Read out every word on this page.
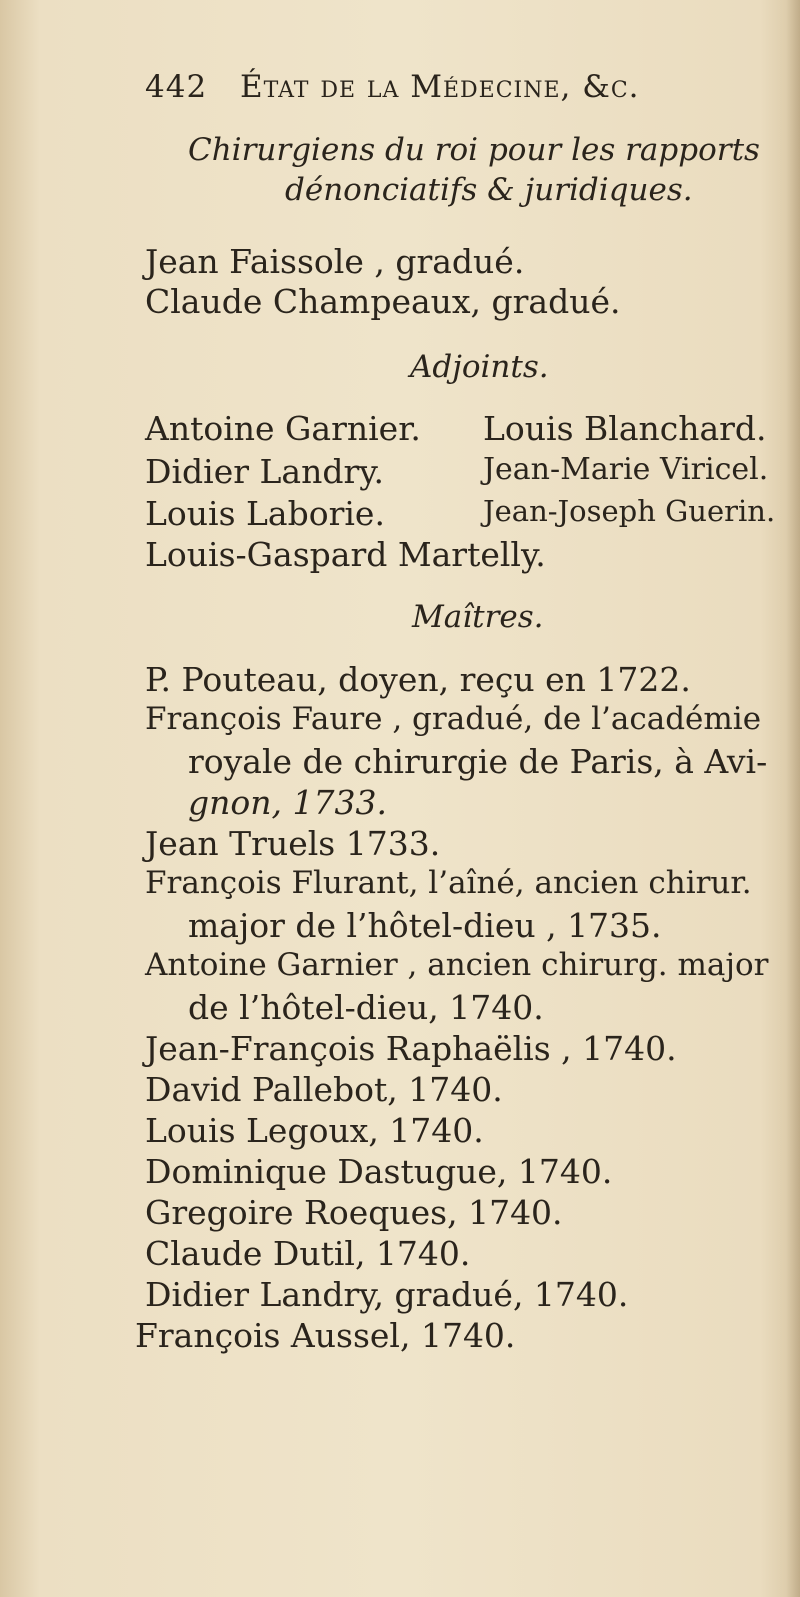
442 État de la Médecine, &c.
Chirurgiens du roi pour les rapports
dénonciatifs & juridiques.
Jean Faissole , gradué.
Claude Champeaux, gradué.
Adjoints.
Antoine Garnier. Louis Blanchard.
Didier Landry.	Jean-Marie Viricel.
Louis Laborie.	Jean-Joseph Guerin.
Louis-Gaspard Martelly.
Maîtres.
P. Pouteau, doyen, reçu en 1722.
François Faure , gradué, de l’académie
royale de chirurgie de Paris, à Avi-
gnon, 1733.
Jean Truels 1733.
François Flurant, l’aîné, ancien chirur.
major de l’hôtel-dieu , 1735.
Antoine Garnier , ancien chirurg. major
de l’hôtel-dieu, 1740.
Jean-François Raphaëlis , 1740.
David Pallebot, 1740.
Louis Legoux, 1740.
Dominique Dastugue, 1740.
Gregoire Roeques, 1740.
Claude Dutil, 1740.
Didier Landry, gradué, 1740.
François Aussel, 1740.
